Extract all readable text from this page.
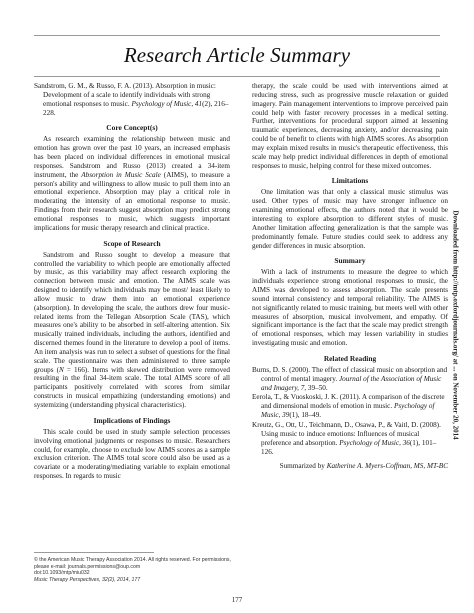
Research Article Summary

Sandstrom, G. M., & Russo, F. A. (2013). Absorption in music: Development of a scale to identify individuals with strong emotional responses to music. Psychology of Music, 41(2), 216–228.

Core Concept(s)

As research examining the relationship between music and emotion has grown over the past 10 years, an increased emphasis has been placed on individual differences in emotional musical responses. Sandstrom and Russo (2013) created a 34-item instrument, the Absorption in Music Scale (AIMS), to measure a person's ability and willingness to allow music to pull them into an emotional experience. Absorption may play a critical role in moderating the intensity of an emotional response to music. Findings from their research suggest absorption may predict strong emotional responses to music, which suggests important implications for music therapy research and clinical practice.

Scope of Research

Sandstrom and Russo sought to develop a measure that controlled the variability to which people are emotionally affected by music, as this variability may affect research exploring the connection between music and emotion. The AIMS scale was designed to identify which individuals may be most/ least likely to allow music to draw them into an emotional experience (absorption). In developing the scale, the authors drew four music-related items from the Tellegan Absorption Scale (TAS), which measures one's ability to be absorbed in self-altering attention. Six musically trained individuals, including the authors, identified and discerned themes found in the literature to develop a pool of items. An item analysis was run to select a subset of questions for the final scale. The questionnaire was then administered to three sample groups (N = 166). Items with skewed distribution were removed resulting in the final 34-item scale. The total AIMS score of all participants positively correlated with scores from similar constructs in musical empathizing (understanding emotions) and systemizing (understanding physical characteristics).

Implications of Findings

This scale could be used in study sample selection processes involving emotional judgments or responses to music. Researchers could, for example, choose to exclude low AIMS scores as a sample exclusion criterion. The AIMS total score could also be used as a covariate or a moderating/mediating variable to explain emotional responses. In regards to music

therapy, the scale could be used with interventions aimed at reducing stress, such as progressive muscle relaxation or guided imagery. Pain management interventions to improve perceived pain could help with faster recovery processes in a medical setting. Further, interventions for procedural support aimed at lessening traumatic experiences, decreasing anxiety, and/or decreasing pain could be of benefit to clients with high AIMS scores. As absorption may explain mixed results in music's therapeutic effectiveness, this scale may help predict individual differences in depth of emotional responses to music, helping control for these mixed outcomes.

Limitations

One limitation was that only a classical music stimulus was used. Other types of music may have stronger influence on examining emotional effects, the authors noted that it would be interesting to explore absorption to different styles of music. Another limitation affecting generalization is that the sample was predominantly female. Future studies could seek to address any gender differences in music absorption.

Summary

With a lack of instruments to measure the degree to which individuals experience strong emotional responses to music, the AIMS was developed to assess absorption. The scale presents sound internal consistency and temporal reliability. The AIMS is not significantly related to music training, but meets well with other measures of absorption, musical involvement, and empathy. Of significant importance is the fact that the scale may predict strength of emotional responses, which may lessen variability in studies investigating music and emotion.

Related Reading

Burns, D. S. (2000). The effect of classical music on absorption and control of mental imagery. Journal of the Association of Music and Imagery, 7, 39–50.

Eerola, T., & Vuoskoski, J. K. (2011). A comparison of the discrete and dimensional models of emotion in music. Psychology of Music, 39(1), 18–49.

Kreutz, G., Ott, U., Teichmann, D., Osawa, P., & Vaitl, D. (2008). Using music to induce emotions: Influences of musical preference and absorption. Psychology of Music, 36(1), 101–126.

Summarized by Katherine A. Myers-Coffman, MS, MT-BC

© the American Music Therapy Association 2014. All rights reserved. For permissions,
please e-mail: journals.permissions@oup.com
doi:10.1093/mtp/miu032
Music Therapy Perspectives, 32(2), 2014, 177
177
Downloaded from http://mtp.oxfordjournals.org/ at ... on November 20, 2014
